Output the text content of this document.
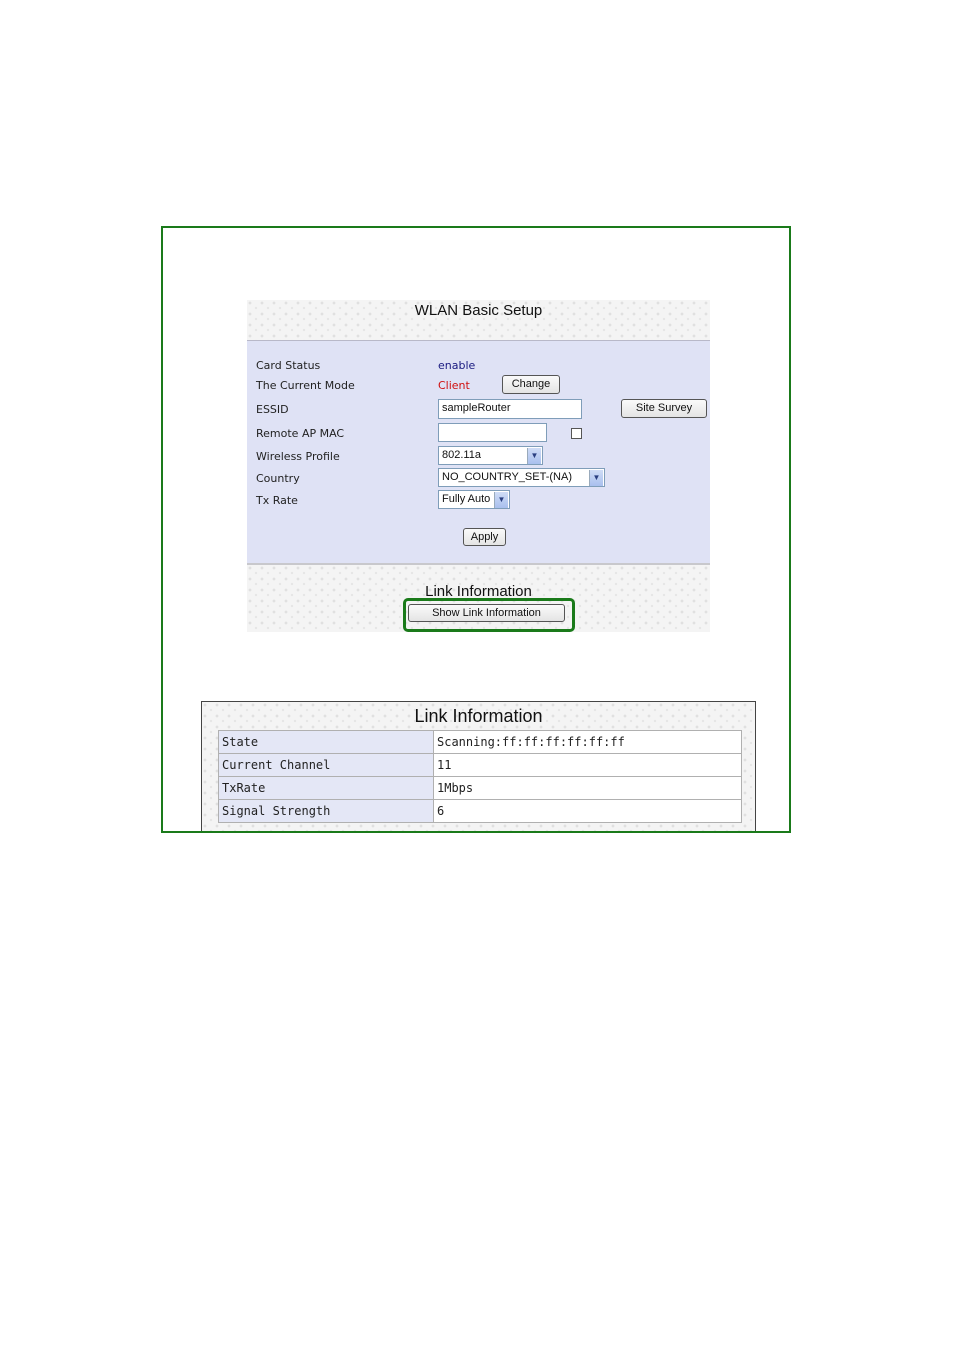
WLAN Basic Setup
Card Status	enable
The Current Mode	Client	Change
ESSID	sampleRouter	Site Survey
Remote AP MAC
Wireless Profile	802.11a	▼
Country	NO_COUNTRY_SET-(NA)	▼
Tx Rate	Fully Auto ▼
Apply
Link Information
Show Link Information
Link Information
State	Scanning:ff:ff:ff:ff:ff:ff
Current Channel	11
TxRate	1Mbps
Signal Strength	6
